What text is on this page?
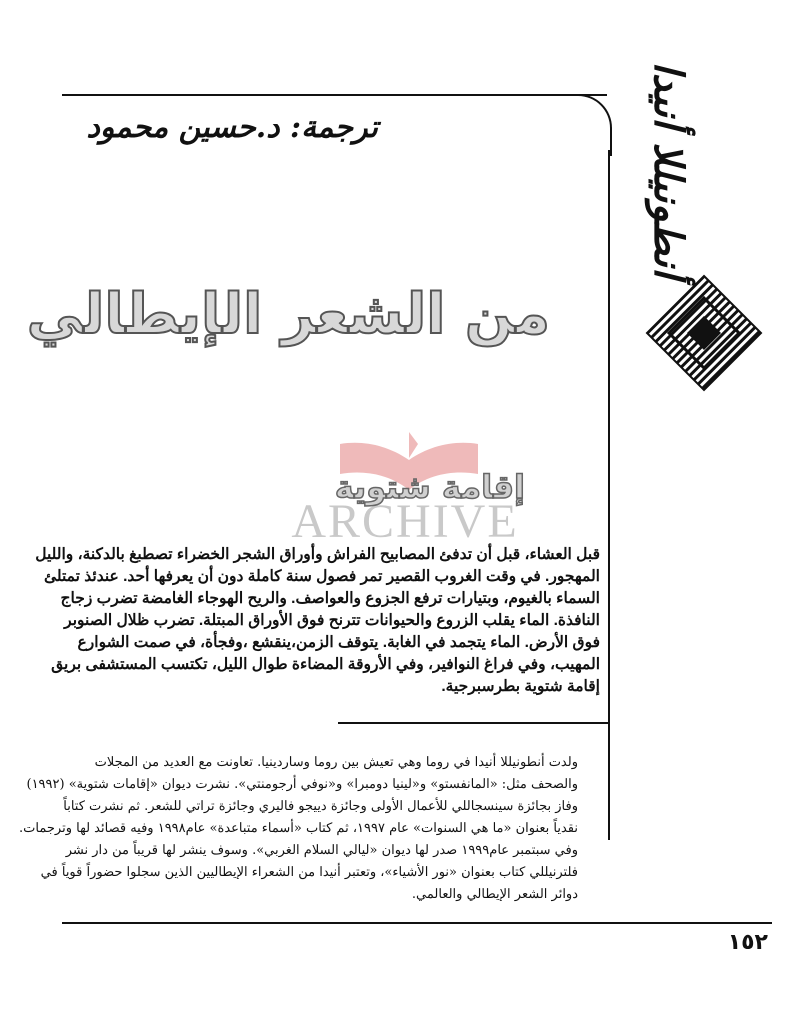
أنطونيللا أنيدا
ترجمة: د.حسين محمود
من الشعر الإيطالي
ARCHIVE
إقامة شتوية
قبل العشاء، قبل أن تدفئ المصابيح الفراش وأوراق الشجر الخضراء تصطبغ بالدكنة، والليل
المهجور. في وقت الغروب القصير تمر فصول سنة كاملة دون أن يعرفها أحد. عندئذ تمتلئ
السماء بالغيوم، وبتيارات ترفع الجزوع والعواصف. والريح الهوجاء الغامضة تضرب زجاج
النافذة. الماء يقلب الزروع والحيوانات تترنح فوق الأوراق المبتلة. تضرب ظلال الصنوبر
فوق الأرض. الماء يتجمد في الغابة. يتوقف الزمن،ينقشع ،وفجأة، في صمت الشوارع
المهيب، وفي فراغ النوافير، وفي الأروقة المضاءة طوال الليل، تكتسب المستشفى بريق
إقامة شتوية بطرسبرجية.
ولدت أنطونيللا أنيدا في روما وهي تعيش بين روما وساردينيا. تعاونت مع العديد من المجلات
والصحف مثل: «المانفستو» و«لينيا دومبرا» و«نوفي أرجومنتي». نشرت ديوان «إقامات شتوية» (١٩٩٢)
وفاز بجائزة سينسجاللي للأعمال الأولى وجائزة دييجو فاليري وجائزة تراتي للشعر. ثم نشرت كتاباً
نقدياً بعنوان «ما هي السنوات» عام ١٩٩٧، ثم كتاب «أسماء متباعدة» عام١٩٩٨ وفيه قصائد لها وترجمات.
وفي سبتمبر عام١٩٩٩ صدر لها ديوان «ليالي السلام الغربي». وسوف ينشر لها قريباً من دار نشر
فلترنيللي كتاب بعنوان «نور الأشياء»، وتعتبر أنيدا من الشعراء الإيطاليين الذين سجلوا حضوراً قوياً في
دوائر الشعر الإيطالي والعالمي.
١٥٢
